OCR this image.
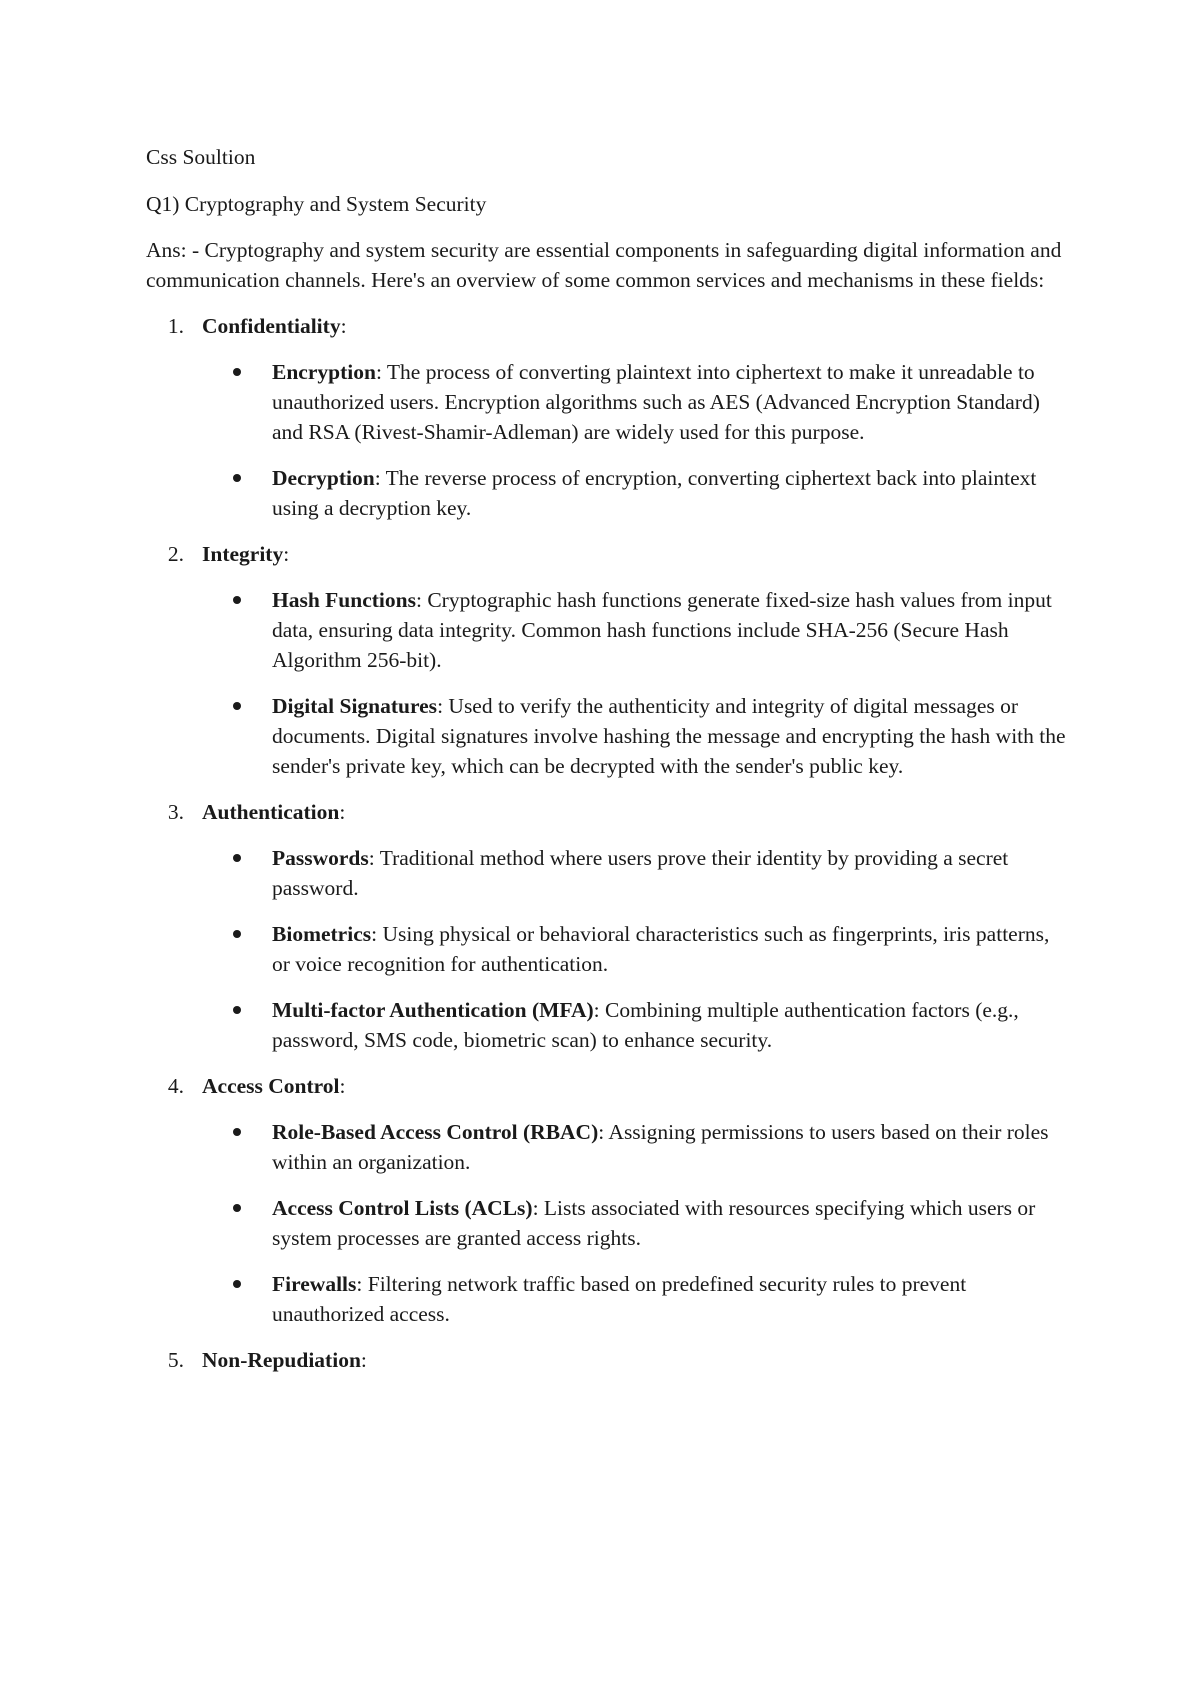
Css Soultion

Q1) Cryptography and System Security

Ans: - Cryptography and system security are essential components in safeguarding digital information and communication channels. Here's an overview of some common services and mechanisms in these fields:

1. Confidentiality:
Encryption: The process of converting plaintext into ciphertext to make it unreadable to unauthorized users. Encryption algorithms such as AES (Advanced Encryption Standard) and RSA (Rivest-Shamir-Adleman) are widely used for this purpose.
Decryption: The reverse process of encryption, converting ciphertext back into plaintext using a decryption key.
2. Integrity:
Hash Functions: Cryptographic hash functions generate fixed-size hash values from input data, ensuring data integrity. Common hash functions include SHA-256 (Secure Hash Algorithm 256-bit).
Digital Signatures: Used to verify the authenticity and integrity of digital messages or documents. Digital signatures involve hashing the message and encrypting the hash with the sender's private key, which can be decrypted with the sender's public key.
3. Authentication:
Passwords: Traditional method where users prove their identity by providing a secret password.
Biometrics: Using physical or behavioral characteristics such as fingerprints, iris patterns, or voice recognition for authentication.
Multi-factor Authentication (MFA): Combining multiple authentication factors (e.g., password, SMS code, biometric scan) to enhance security.
4. Access Control:
Role-Based Access Control (RBAC): Assigning permissions to users based on their roles within an organization.
Access Control Lists (ACLs): Lists associated with resources specifying which users or system processes are granted access rights.
Firewalls: Filtering network traffic based on predefined security rules to prevent unauthorized access.
5. Non-Repudiation:
